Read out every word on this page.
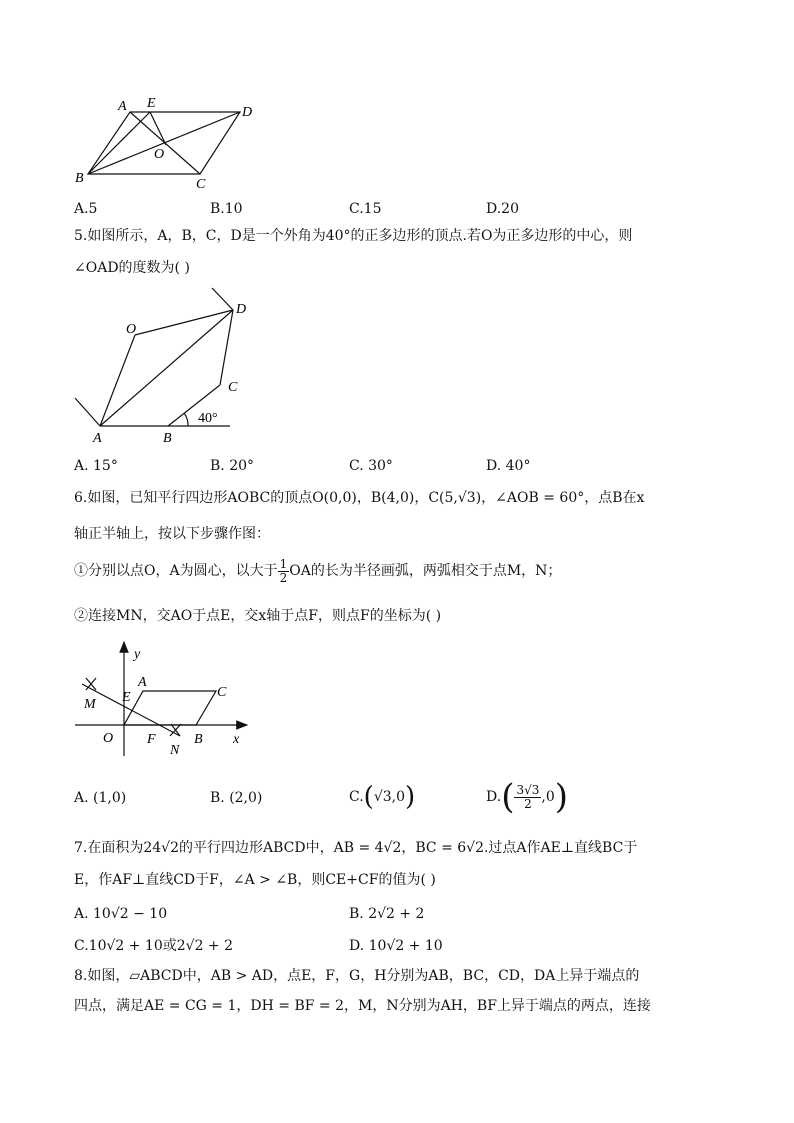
A E
D
O
B	C
A.5	B.10	C.15	D.20
5.如图所示，A，B，C，D是一个外角为40°的正多边形的顶点.若O为正多边形的中心，则
∠OAD的度数为( )
O
D
C
A	B
40°
A. 15°	B. 20°	C. 30°	D. 40°
6.如图，已知平行四边形AOBC的顶点O(0,0)，B(4,0)，C(5,√3)，∠AOB = 60°，点B在x
轴正半轴上，按以下步骤作图：
①分别以点O，A为圆心，以大于 $\frac{1}{2}$ OA的长为半径画弧，两弧相交于点M，N；
②连接MN，交AO于点E，交x轴于点F，则点F的坐标为( )
y
x
A
C
E
M
O F
N
B
A. (1,0)	B. (2,0)	C.(√3,0)	$D.( \frac{3√3}{2} ,0)$
7.在面积为24√2的平行四边形ABCD中，AB = 4√2，BC = 6√2.过点A作AE⊥直线BC于
E，作AF⊥直线CD于F，∠A > ∠B，则CE+CF的值为( )
A. 10√2 − 10	B. 2√2 + 2
C.10√2 + 10或2√2 + 2	D. 10√2 + 10
8.如图，▱ABCD中，AB > AD，点E，F，G，H分别为AB，BC，CD，DA上异于端点的
四点，满足AE = CG = 1，DH = BF = 2，M，N分别为AH，BF上异于端点的两点，连接
